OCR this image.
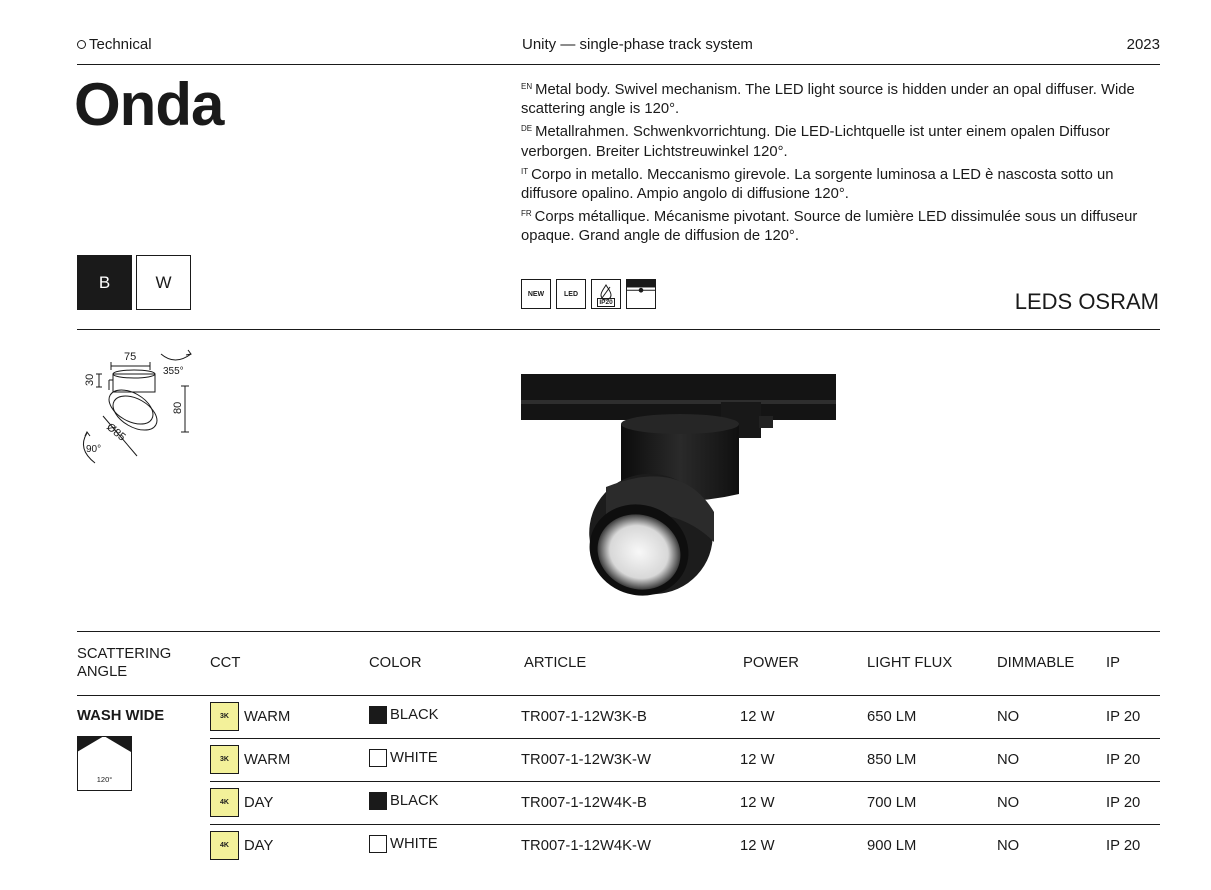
Technical	Unity — single-phase track system	2023
Onda	$^{EN}$ Metal body. Swivel mechanism. The LED light source is hidden under an opal diffuser. Wide scattering angle is 120°.
$^{DE}$ Metallrahmen. Schwenkvorrichtung. Die LED-Lichtquelle ist unter einem opalen Diffusor verborgen. Breiter Lichtstreuwinkel 120°.
$^{IT}$ Corpo in metallo. Meccanismo girevole. La sorgente luminosa a LED è nascosta sotto un diffusore opalino. Ampio angolo di diffusione 120°.
$^{FR}$ Corps métallique. Mécanisme pivotant. Source de lumière LED dissimulée sous un diffuseur opaque. Grand angle de diffusion de 120°.
B	W
NEW	LED
IP20	LEDS OSRAM
75
30
355°
80
Ø85
90°
SCATTERING ANGLE	CCT	COLOR	ARTICLE	POWER	LIGHT FLUX	DIMMABLE	IP

WASH WIDE
120°	3K WARM	BLACK	TR007-1-12W3K-B	12 W	650 LM	NO	IP 20

3K WARM	WHITE	TR007-1-12W3K-W	12 W	850 LM	NO	IP 20

4K DAY	BLACK	TR007-1-12W4K-B	12 W	700 LM	NO	IP 20

4K DAY	WHITE	TR007-1-12W4K-W	12 W	900 LM	NO	IP 20
